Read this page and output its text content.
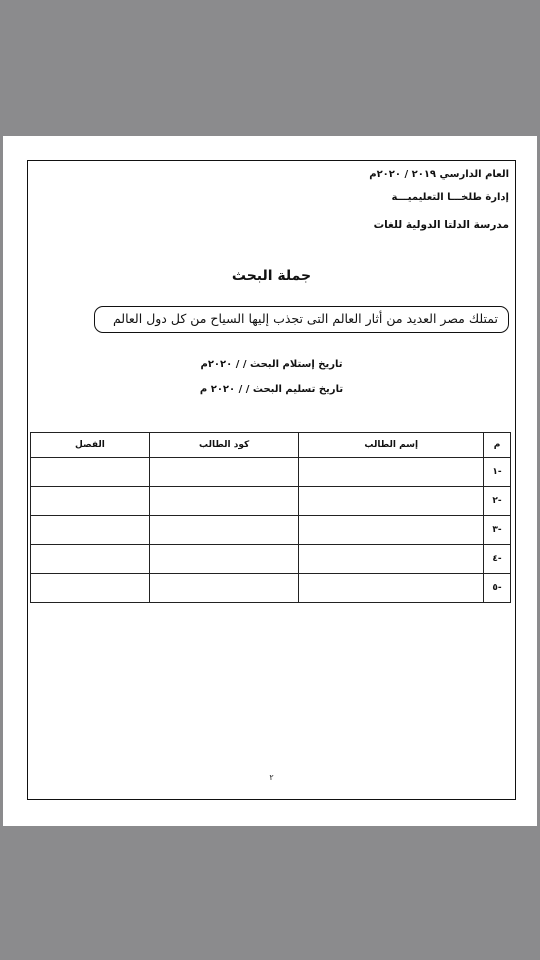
العام الدارسي ٢٠١٩ / ٢٠٢٠م
إدارة طلخـــا التعليميـــة
مدرسة الدلتا الدولية للغات
جملة البحث
تمتلك مصر العديد من أثار العالم التى تجذب إليها السياح من كل دول العالم
تاريخ إستلام البحث / / ٢٠٢٠م
تاريخ تسليم البحث / / ٢٠٢٠ م
م	إسم الطالب	كود الطالب	الفصل
-١			
-٢			
-٣			
-٤			
-٥			
٢
